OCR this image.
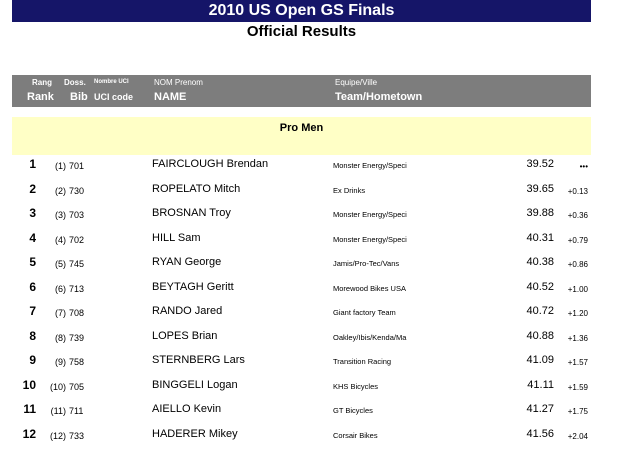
2010 US Open GS Finals
Official Results
Rang Doss. Nombre UCI	NOM Prenom	Equipe/Ville
Rank Bib UCI code NAME	Team/Hometown
Pro Men
1	(1) 701	FAIRCLOUGH Brendan	Monster Energy/Speci	39.52	•••
2	(2) 730	ROPELATO Mitch	Ex Drinks	39.65	+0.13
3	(3) 703	BROSNAN Troy	Monster Energy/Speci	39.88	+0.36
4	(4) 702	HILL Sam	Monster Energy/Speci	40.31	+0.79
5	(5) 745	RYAN George	Jamis/Pro-Tec/Vans	40.38	+0.86
6	(6) 713	BEYTAGH Geritt	Morewood Bikes USA	40.52	+1.00
7	(7) 708	RANDO Jared	Giant factory Team	40.72	+1.20
8	(8) 739	LOPES Brian	Oakley/Ibis/Kenda/Ma	40.88	+1.36
9	(9) 758	STERNBERG Lars	Transition Racing	41.09	+1.57
10	(10) 705	BINGGELI Logan	KHS Bicycles	41.11	+1.59
11	(11) 711	AIELLO Kevin	GT Bicycles	41.27	+1.75
12	(12) 733	HADERER Mikey	Corsair Bikes	41.56	+2.04
